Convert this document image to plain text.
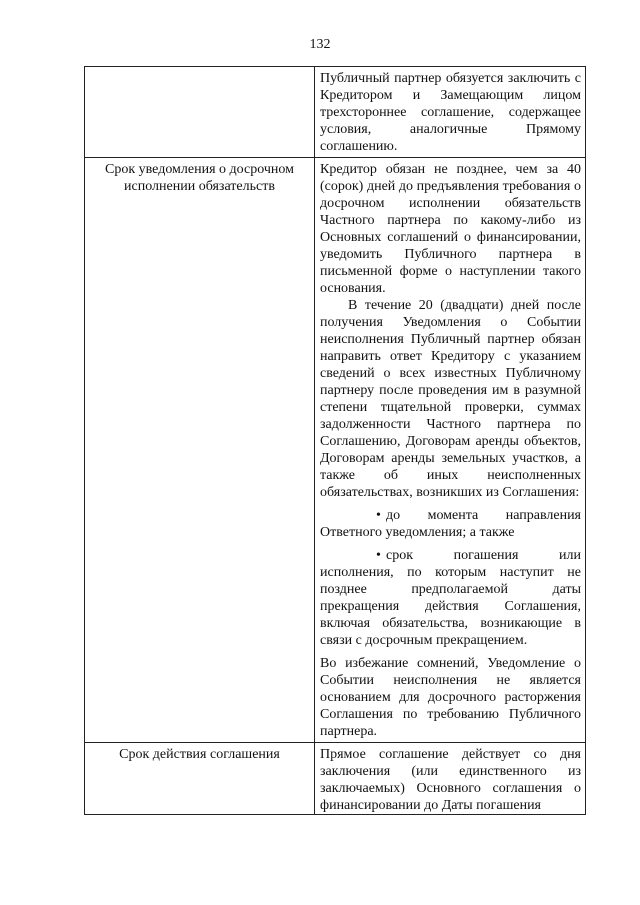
132

	Публичный партнер обязуется заключить с Кредитором и Замещающим лицом трехстороннее соглашение, содержащее условия, аналогичные Прямому соглашению.

Срок уведомления о досрочном исполнении обязательств	Кредитор обязан не позднее, чем за 40 (сорок) дней до предъявления требования о досрочном исполнении обязательств Частного партнера по какому-либо из Основных соглашений о финансировании, уведомить Публичного партнера в письменной форме о наступлении такого основания.

В течение 20 (двадцати) дней после получения Уведомления о Событии неисполнения Публичный партнер обязан направить ответ Кредитору с указанием сведений о всех известных Публичному партнеру после проведения им в разумной степени тщательной проверки, суммах задолженности Частного партнера по Соглашению, Договорам аренды объектов, Договорам аренды земельных участков, а также об иных неисполненных обязательствах, возникших из Соглашения:

• до момента направления Ответного уведомления; а также

• срок погашения или исполнения, по которым наступит не позднее предполагаемой даты прекращения действия Соглашения, включая обязательства, возникающие в связи с досрочным прекращением.

Во избежание сомнений, Уведомление о Событии неисполнения не является основанием для досрочного расторжения Соглашения по требованию Публичного партнера.

Срок действия соглашения	Прямое соглашение действует со дня заключения (или единственного из заключаемых) Основного соглашения о финансировании до Даты погашения
